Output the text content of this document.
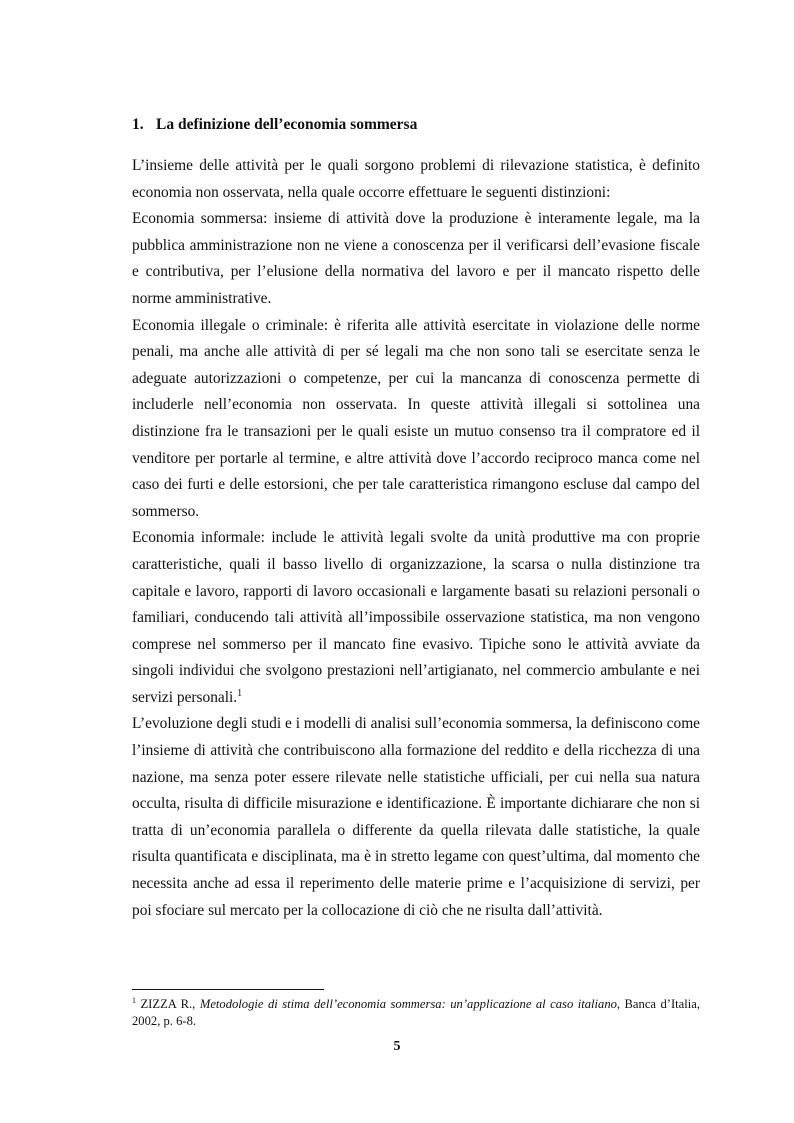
1. La definizione dell’economia sommersa

L’insieme delle attività per le quali sorgono problemi di rilevazione statistica, è definito economia non osservata, nella quale occorre effettuare le seguenti distinzioni:

Economia sommersa: insieme di attività dove la produzione è interamente legale, ma la pubblica amministrazione non ne viene a conoscenza per il verificarsi dell’evasione fiscale e contributiva, per l’elusione della normativa del lavoro e per il mancato rispetto delle norme amministrative.

Economia illegale o criminale: è riferita alle attività esercitate in violazione delle norme penali, ma anche alle attività di per sé legali ma che non sono tali se esercitate senza le adeguate autorizzazioni o competenze, per cui la mancanza di conoscenza permette di includerle nell’economia non osservata. In queste attività illegali si sottolinea una distinzione fra le transazioni per le quali esiste un mutuo consenso tra il compratore ed il venditore per portarle al termine, e altre attività dove l’accordo reciproco manca come nel caso dei furti e delle estorsioni, che per tale caratteristica rimangono escluse dal campo del sommerso.

Economia informale: include le attività legali svolte da unità produttive ma con proprie caratteristiche, quali il basso livello di organizzazione, la scarsa o nulla distinzione tra capitale e lavoro, rapporti di lavoro occasionali e largamente basati su relazioni personali o familiari, conducendo tali attività all’impossibile osservazione statistica, ma non vengono comprese nel sommerso per il mancato fine evasivo. Tipiche sono le attività avviate da singoli individui che svolgono prestazioni nell’artigianato, nel commercio ambulante e nei servizi personali.$^1$

L’evoluzione degli studi e i modelli di analisi sull’economia sommersa, la definiscono come l’insieme di attività che contribuiscono alla formazione del reddito e della ricchezza di una nazione, ma senza poter essere rilevate nelle statistiche ufficiali, per cui nella sua natura occulta, risulta di difficile misurazione e identificazione. È importante dichiarare che non si tratta di un’economia parallela o differente da quella rilevata dalle statistiche, la quale risulta quantificata e disciplinata, ma è in stretto legame con quest’ultima, dal momento che necessita anche ad essa il reperimento delle materie prime e l’acquisizione di servizi, per poi sfociare sul mercato per la collocazione di ciò che ne risulta dall’attività.

$^1$ ZIZZA R., Metodologie di stima dell’economia sommersa: un’applicazione al caso italiano, Banca d’Italia, 2002, p. 6-8.
5
